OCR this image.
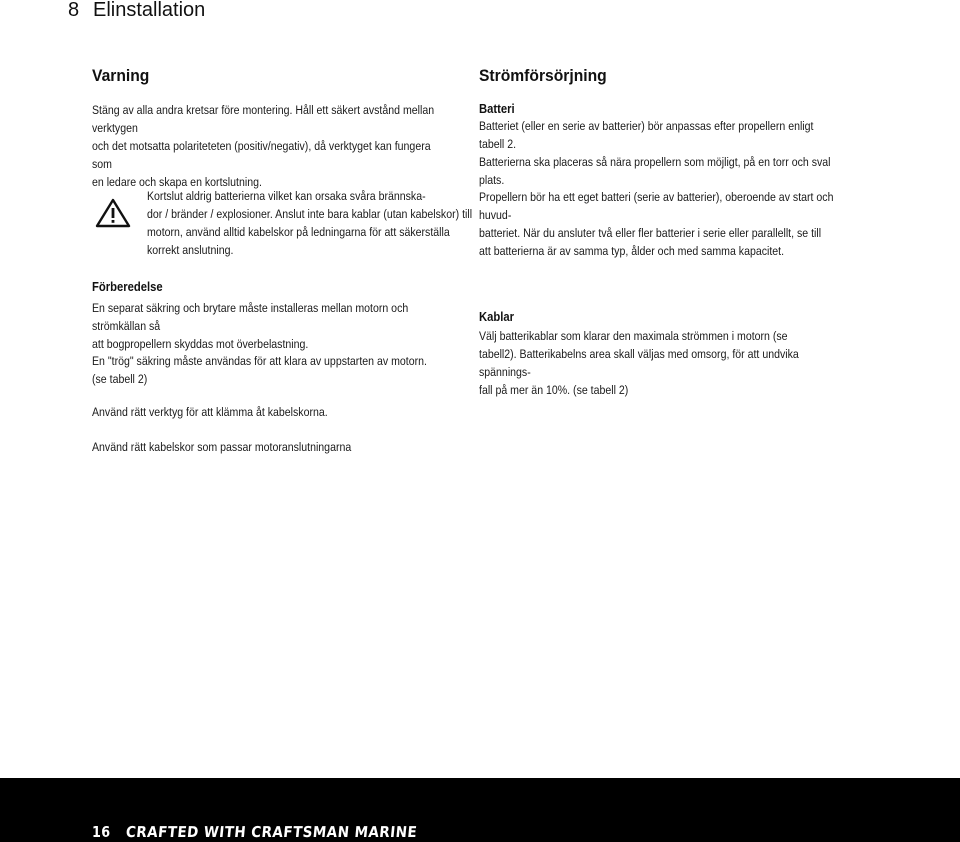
8 Elinstallation
Varning
Stäng av alla andra kretsar före montering. Håll ett säkert avstånd mellan verktygen
och det motsatta polariteteten (positiv/negativ), då verktyget kan fungera som
en ledare och skapa en kortslutning.
Kortslut aldrig batterierna vilket kan orsaka svåra brännska-
dor / bränder / explosioner. Anslut inte bara kablar (utan kabelskor) till
motorn, använd alltid kabelskor på ledningarna för att säkerställa
korrekt anslutning.
Förberedelse
En separat säkring och brytare måste installeras mellan motorn och strömkällan så
att bogpropellern skyddas mot överbelastning.
En "trög" säkring måste användas för att klara av uppstarten av motorn.
(se tabell 2)
Använd rätt verktyg för att klämma åt kabelskorna.
Använd rätt kabelskor som passar motoranslutningarna
Strömförsörjning
Batteri
Batteriet (eller en serie av batterier) bör anpassas efter propellern enligt tabell 2.
Batterierna ska placeras så nära propellern som möjligt, på en torr och sval plats.
Propellern bör ha ett eget batteri (serie av batterier), oberoende av start och huvud-
batteriet. När du ansluter två eller fler batterier i serie eller parallellt, se till
att batterierna är av samma typ, ålder och med samma kapacitet.
Kablar
Välj batterikablar som klarar den maximala strömmen i motorn (se
tabell2). Batterikabelns area skall väljas med omsorg, för att undvika spännings-
fall på mer än 10%. (se tabell 2)
16 CRAFTED WITH CRAFTSMAN MARINE
